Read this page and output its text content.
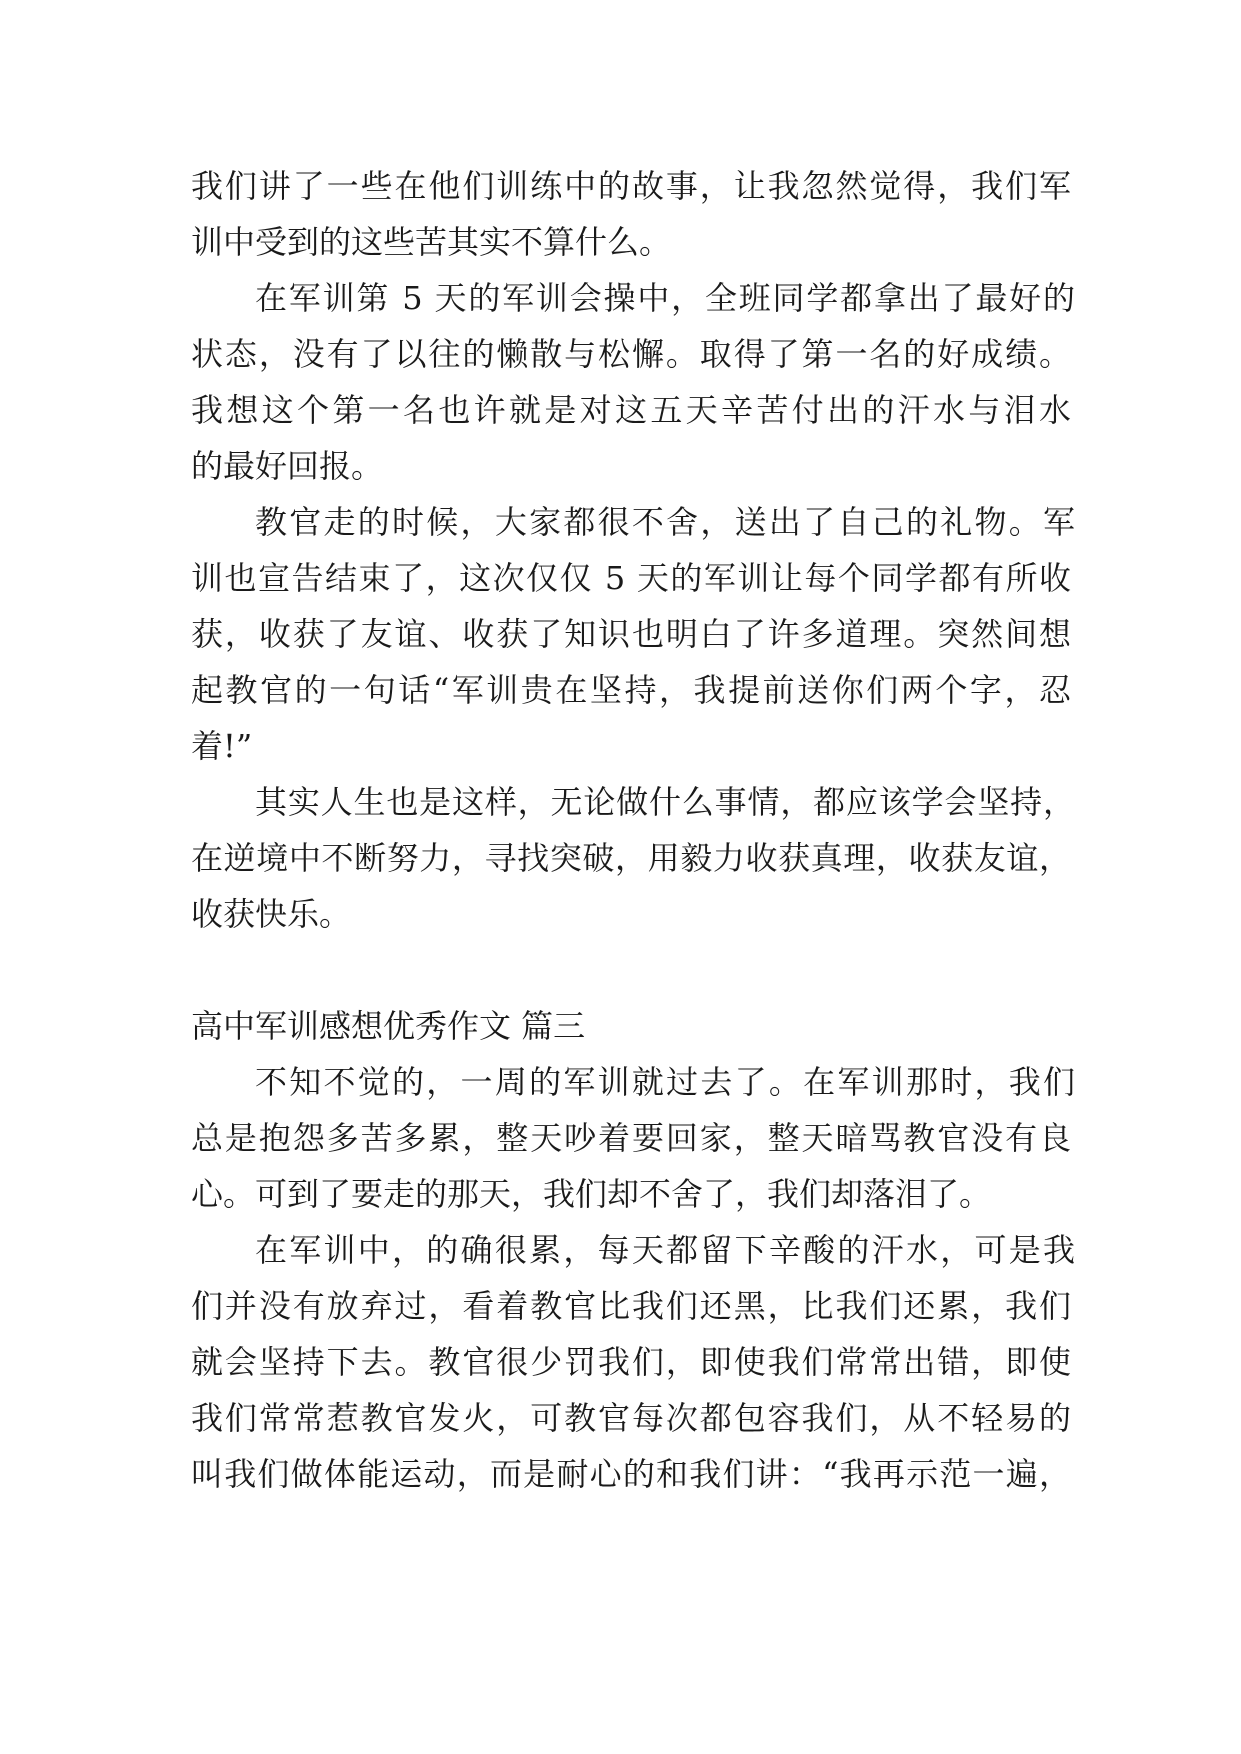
我们讲了一些在他们训练中的故事，让我忽然觉得，我们军
训中受到的这些苦其实不算什么。
在军训第 5 天的军训会操中，全班同学都拿出了最好的
状态，没有了以往的懒散与松懈。取得了第一名的好成绩。
我想这个第一名也许就是对这五天辛苦付出的汗水与泪水
的最好回报。
教官走的时候，大家都很不舍，送出了自己的礼物。军
训也宣告结束了，这次仅仅 5 天的军训让每个同学都有所收
获，收获了友谊、收获了知识也明白了许多道理。突然间想
起教官的一句话“军训贵在坚持，我提前送你们两个字，忍
着!”
其实人生也是这样，无论做什么事情，都应该学会坚持，
在逆境中不断努力，寻找突破，用毅力收获真理，收获友谊，
收获快乐。
高中军训感想优秀作文 篇三
不知不觉的，一周的军训就过去了。在军训那时，我们
总是抱怨多苦多累，整天吵着要回家，整天暗骂教官没有良
心。可到了要走的那天，我们却不舍了，我们却落泪了。
在军训中，的确很累，每天都留下辛酸的汗水，可是我
们并没有放弃过，看着教官比我们还黑，比我们还累，我们
就会坚持下去。教官很少罚我们，即使我们常常出错，即使
我们常常惹教官发火，可教官每次都包容我们，从不轻易的
叫我们做体能运动，而是耐心的和我们讲：“我再示范一遍，
